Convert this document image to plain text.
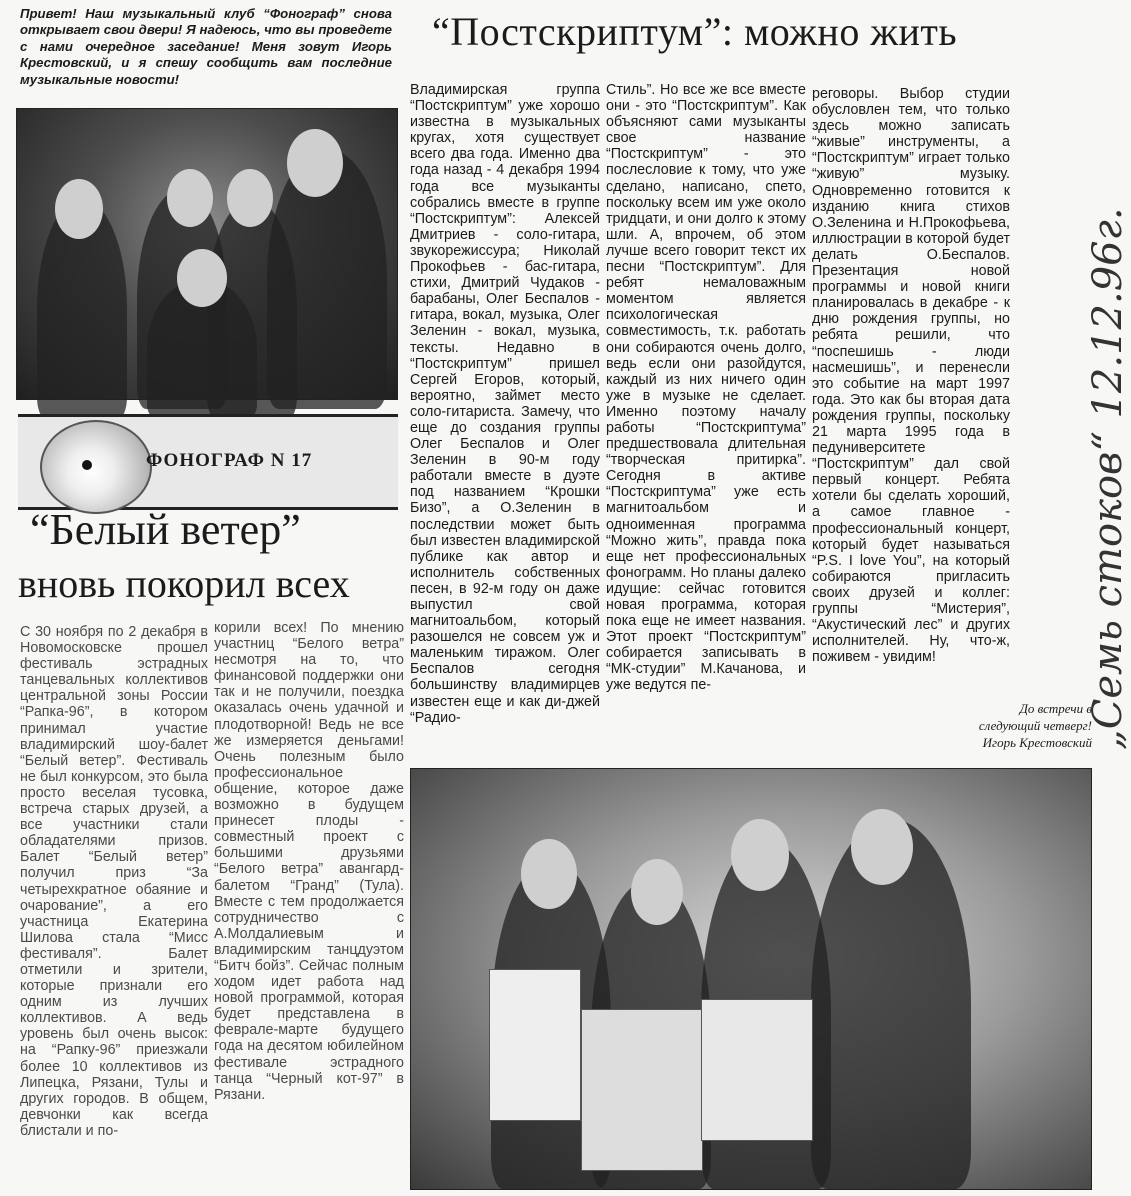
Привет! Наш музыкальный клуб “Фонограф” снова открывает свои двери! Я надеюсь, что вы проведете с нами очередное заседание! Меня зовут Игорь Крестовский, и я спешу сообщить вам последние музыкальные новости!
“Постскриптум”: можно жить
ФОНОГРАФ N 17
“Белый ветер”
вновь покорил всех
Владимирская группа “Постскриптум” уже хорошо известна в музыкальных кругах, хотя существует всего два года. Именно два года назад - 4 декабря 1994 года все музыканты собрались вместе в группе “Постскриптум”: Алексей Дмитриев - соло-гитара, звукорежиссура; Николай Прокофьев - бас-гитара, стихи, Дмитрий Чудаков - барабаны, Олег Беспалов - гитара, вокал, музыка, Олег Зеленин - вокал, музыка, тексты. Недавно в “Постскриптум” пришел Сергей Егоров, который, вероятно, займет место соло-гитариста. Замечу, что еще до создания группы Олег Беспалов и Олег Зеленин в 90-м году работали вместе в дуэте под названием “Крошки Бизо”, а О.Зеленин в последствии может быть был известен владимирской публике как автор и исполнитель собственных песен, в 92-м году он даже выпустил свой магнитоальбом, который разошелся не совсем уж и маленьким тиражом. Олег Беспалов сегодня большинству владимирцев известен еще и как ди-джей “Радио-
Стиль”. Но все же все вместе они - это “Постскриптум”. Как объясняют сами музыканты свое название “Постскриптум” - это послесловие к тому, что уже сделано, написано, спето, поскольку всем им уже около тридцати, и они долго к этому шли. А, впрочем, об этом лучше всего говорит текст их песни “Постскриптум”. Для ребят немаловажным моментом является психологическая совместимость, т.к. работать они собираются очень долго, ведь если они разойдутся, каждый из них ничего один уже в музыке не сделает. Именно поэтому началу работы “Постскриптума” предшествовала длительная “творческая притирка”. Сегодня в активе “Постскриптума” уже есть магнитоальбом и одноименная программа “Можно жить”, правда пока еще нет профессиональных фонограмм. Но планы далеко идущие: сейчас готовится новая программа, которая пока еще не имеет названия. Этот проект “Постскриптум” собирается записывать в “МК-студии” М.Качанова, и уже ведутся пе-
реговоры. Выбор студии обусловлен тем, что только здесь можно записать “живые” инструменты, а “Постскриптум” играет только “живую” музыку. Одновременно готовится к изданию книга стихов О.Зеленина и Н.Прокофьева, иллюстрации в которой будет делать О.Беспалов. Презентация новой программы и новой книги планировалась в декабре - к дню рождения группы, но ребята решили, что “поспешишь - люди насмешишь”, и перенесли это событие на март 1997 года. Это как бы вторая дата рождения группы, поскольку 21 марта 1995 года в педуниверситете “Постскриптум” дал свой первый концерт. Ребята хотели бы сделать хороший, а самое главное - профессиональный концерт, который будет называться “P.S. I love You”, на который собираются пригласить своих друзей и коллег: группы “Мистерия”, “Акустический лес” и других исполнителей. Ну, что-ж, поживем - увидим!
До встречи в
следующий четверг!
Игорь Крестовский
С 30 ноября по 2 декабря в Новомосковске прошел фестиваль эстрадных танцевальных коллективов центральной зоны России “Рапка-96”, в котором принимал участие владимирский шоу-балет “Белый ветер”. Фестиваль не был конкурсом, это была просто веселая тусовка, встреча старых друзей, а все участники стали обладателями призов. Балет “Белый ветер” получил приз “За четырехкратное обаяние и очарование”, а его участница Екатерина Шилова стала “Мисс фестиваля”. Балет отметили и зрители, которые признали его одним из лучших коллективов. А ведь уровень был очень высок: на “Рапку-96” приезжали более 10 коллективов из Липецка, Рязани, Тулы и других городов. В общем, девчонки как всегда блистали и по-
корили всех! По мнению участниц “Белого ветра” несмотря на то, что финансовой поддержки они так и не получили, поездка оказалась очень удачной и плодотворной! Ведь не все же измеряется деньгами! Очень полезным было профессиональное общение, которое даже возможно в будущем принесет плоды - совместный проект с большими друзьями “Белого ветра” авангард-балетом “Гранд” (Тула). Вместе с тем продолжается сотрудничество с А.Молдалиевым и владимирским танцдуэтом “Битч бойз”. Сейчас полным ходом идет работа над новой программой, которая будет представлена в феврале-марте будущего года на десятом юбилейном фестивале эстрадного танца “Черный кот-97” в Рязани.
„Семь стоков“ 12.12.96г.
